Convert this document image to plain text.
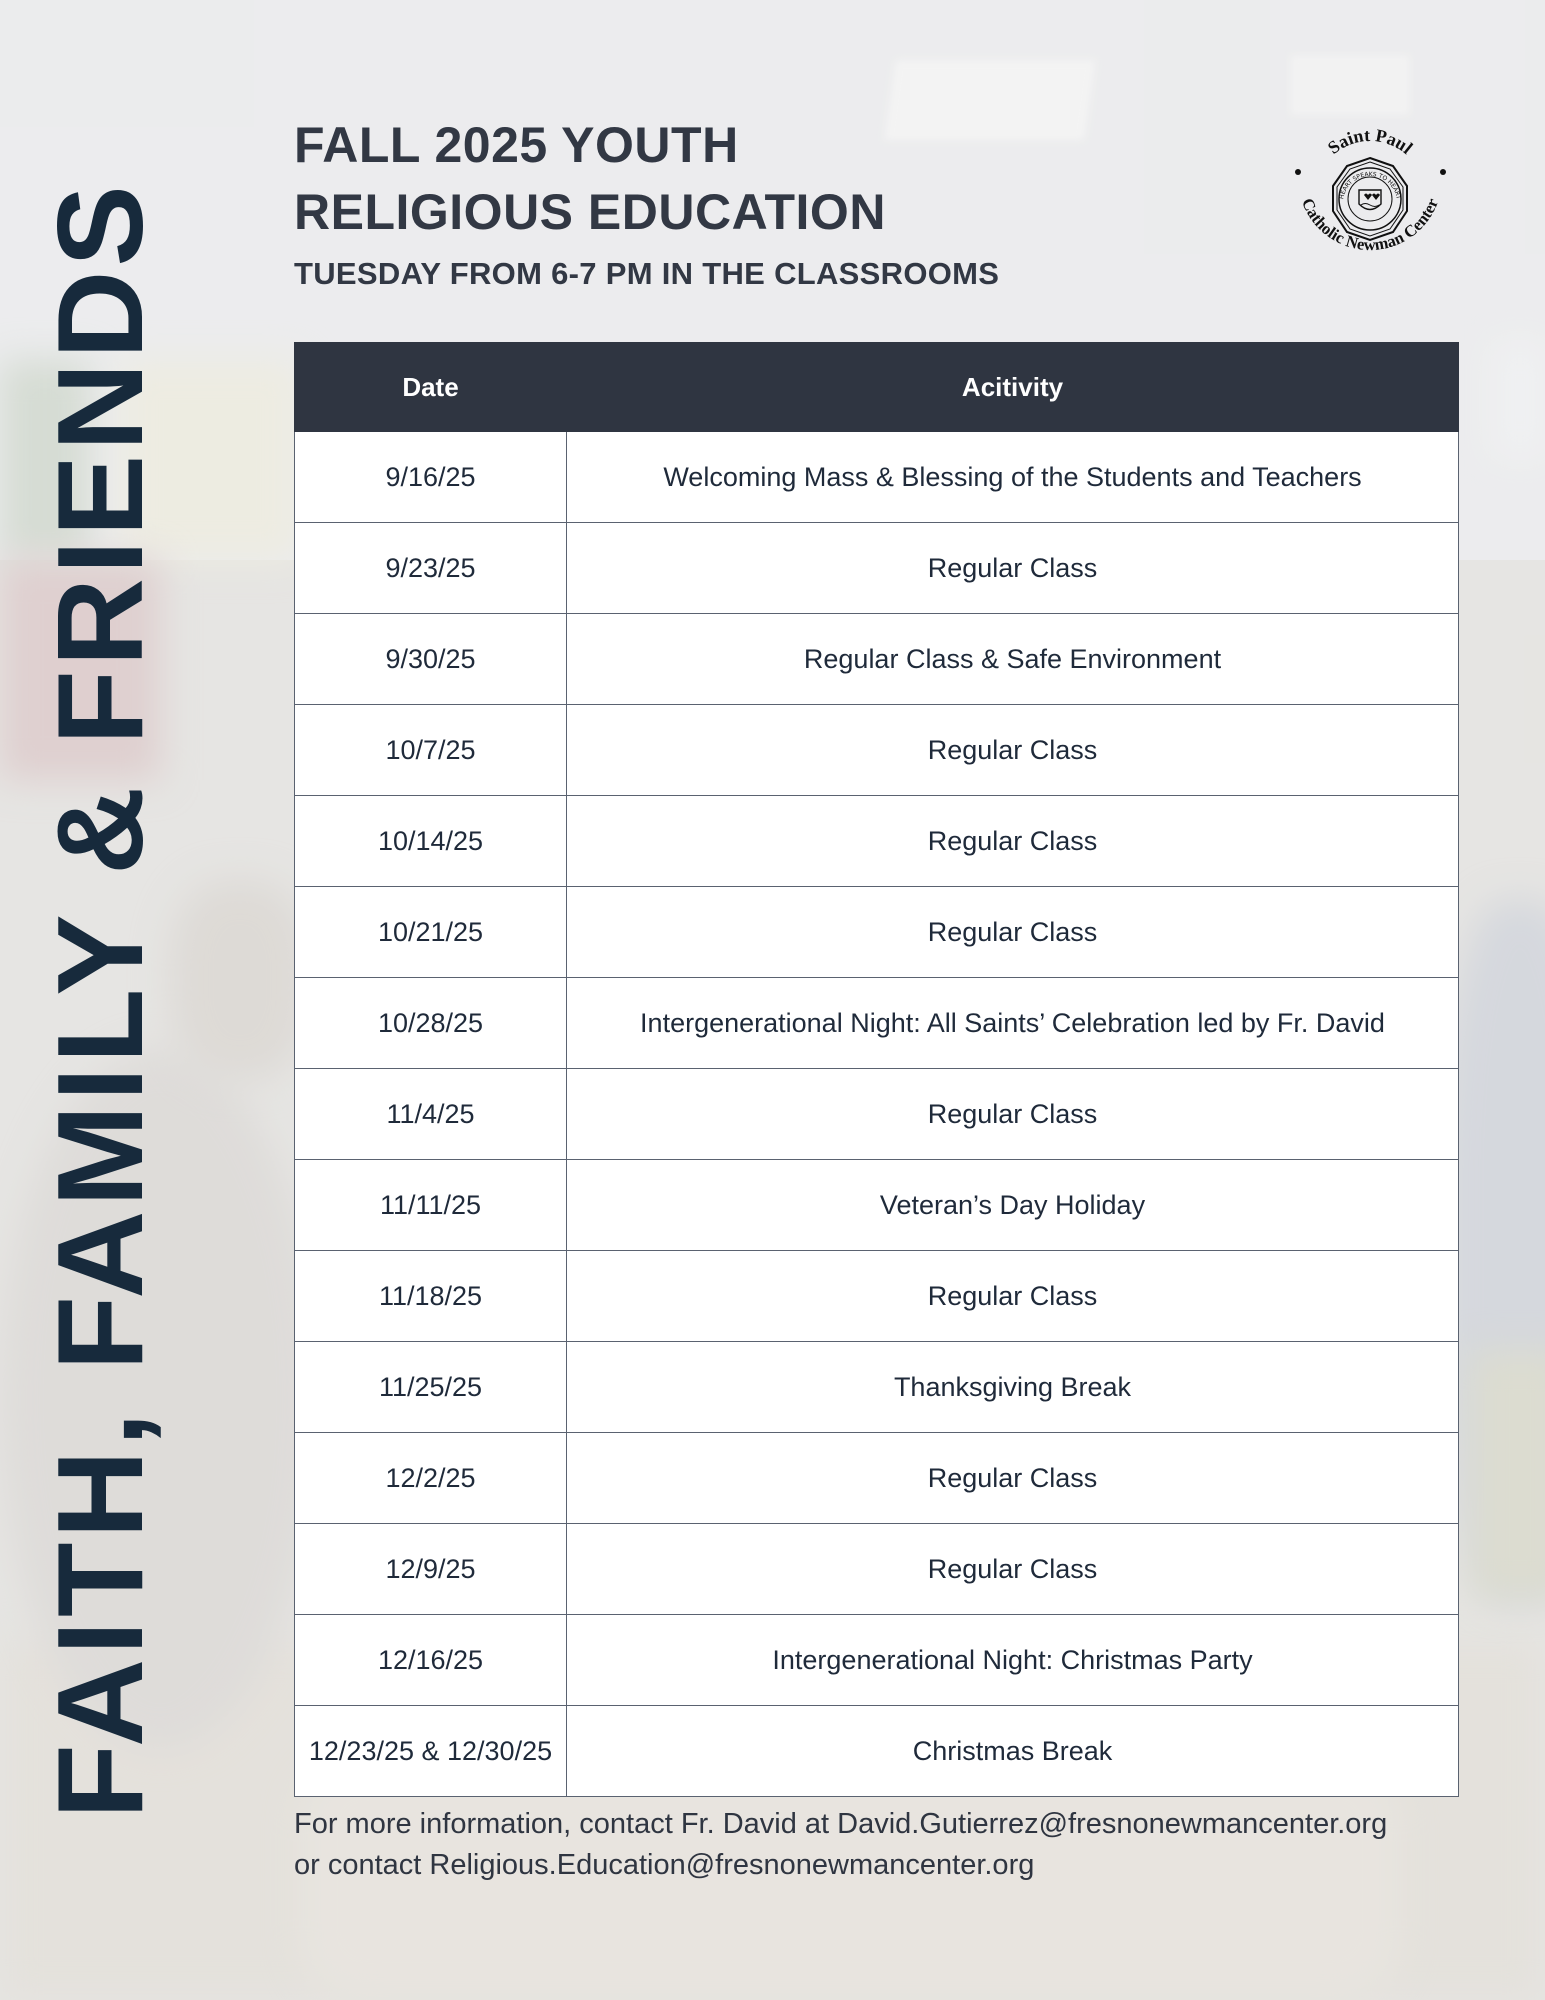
FAITH, FAMILY & FRIENDS
FALL 2025 YOUTH
RELIGIOUS EDUCATION
TUESDAY FROM 6-7 PM IN THE CLASSROOMS
Saint Paul
Catholic Newman Center
HEART SPEAKS TO HEART
Date	Acitivity
9/16/25	Welcoming Mass & Blessing of the Students and Teachers
9/23/25	Regular Class
9/30/25	Regular Class & Safe Environment
10/7/25	Regular Class
10/14/25	Regular Class
10/21/25	Regular Class
10/28/25	Intergenerational Night: All Saints’ Celebration led by Fr. David
11/4/25	Regular Class
11/11/25	Veteran’s Day Holiday
11/18/25	Regular Class
11/25/25	Thanksgiving Break
12/2/25	Regular Class
12/9/25	Regular Class
12/16/25	Intergenerational Night: Christmas Party
12/23/25 & 12/30/25	Christmas Break
For more information, contact Fr. David at David.Gutierrez@fresnonewmancenter.org
or contact Religious.Education@fresnonewmancenter.org
